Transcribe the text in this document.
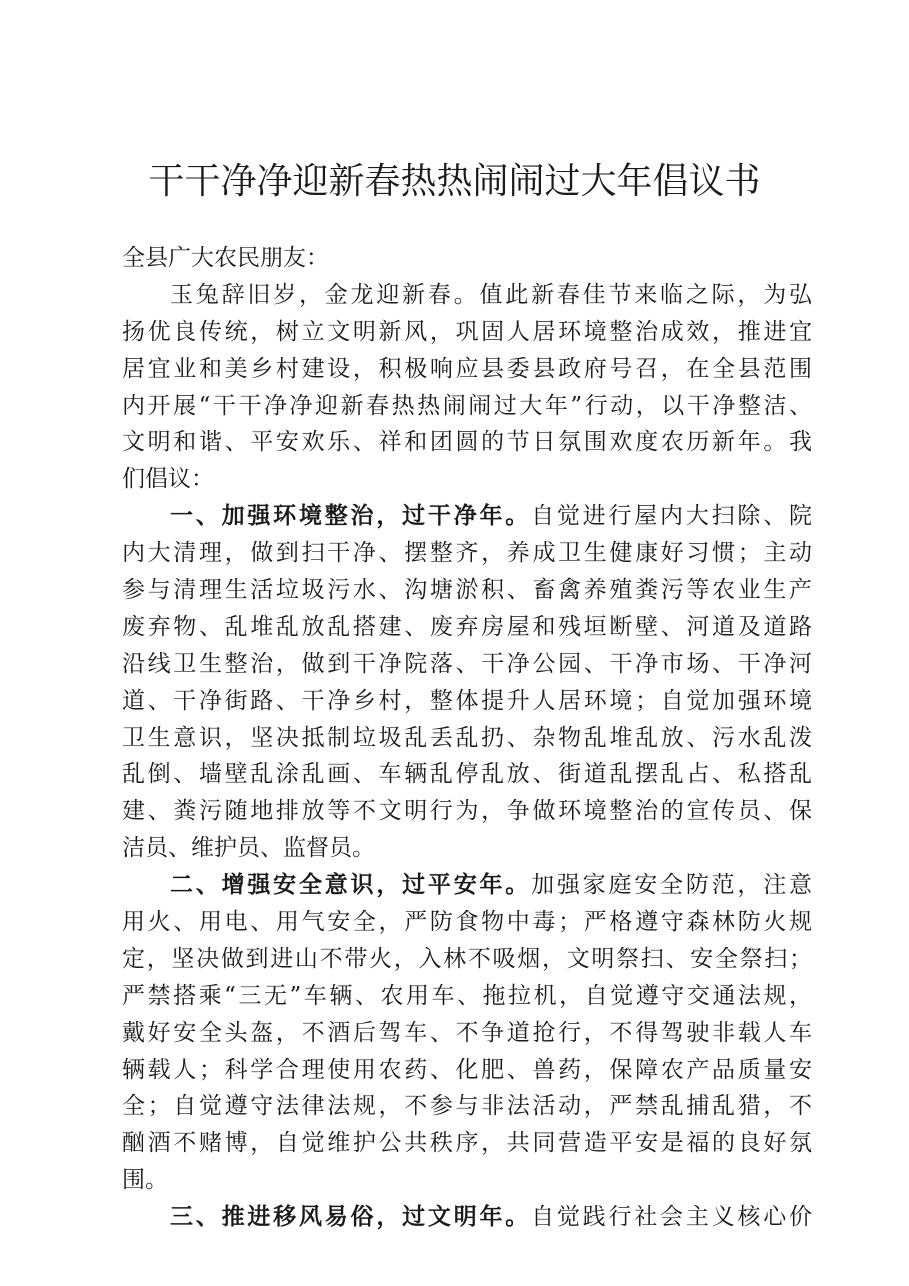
干干净净迎新春热热闹闹过大年倡议书
全县广大农民朋友：
玉兔辞旧岁，金龙迎新春。值此新春佳节来临之际，为弘
扬优良传统，树立文明新风，巩固人居环境整治成效，推进宜
居宜业和美乡村建设，积极响应县委县政府号召，在全县范围
内开展“干干净净迎新春热热闹闹过大年”行动，以干净整洁、
文明和谐、平安欢乐、祥和团圆的节日氛围欢度农历新年。我
们倡议：
一、加强环境整治，过干净年。自觉进行屋内大扫除、院
内大清理，做到扫干净、摆整齐，养成卫生健康好习惯；主动
参与清理生活垃圾污水、沟塘淤积、畜禽养殖粪污等农业生产
废弃物、乱堆乱放乱搭建、废弃房屋和残垣断壁、河道及道路
沿线卫生整治，做到干净院落、干净公园、干净市场、干净河
道、干净街路、干净乡村，整体提升人居环境；自觉加强环境
卫生意识，坚决抵制垃圾乱丢乱扔、杂物乱堆乱放、污水乱泼
乱倒、墙壁乱涂乱画、车辆乱停乱放、街道乱摆乱占、私搭乱
建、粪污随地排放等不文明行为，争做环境整治的宣传员、保
洁员、维护员、监督员。
二、增强安全意识，过平安年。加强家庭安全防范，注意
用火、用电、用气安全，严防食物中毒；严格遵守森林防火规
定，坚决做到进山不带火，入林不吸烟，文明祭扫、安全祭扫；
严禁搭乘“三无”车辆、农用车、拖拉机，自觉遵守交通法规，
戴好安全头盔，不酒后驾车、不争道抢行，不得驾驶非载人车
辆载人；科学合理使用农药、化肥、兽药，保障农产品质量安
全；自觉遵守法律法规，不参与非法活动，严禁乱捕乱猎，不
酗酒不赌博，自觉维护公共秩序，共同营造平安是福的良好氛
围。
三、推进移风易俗，过文明年。自觉践行社会主义核心价
